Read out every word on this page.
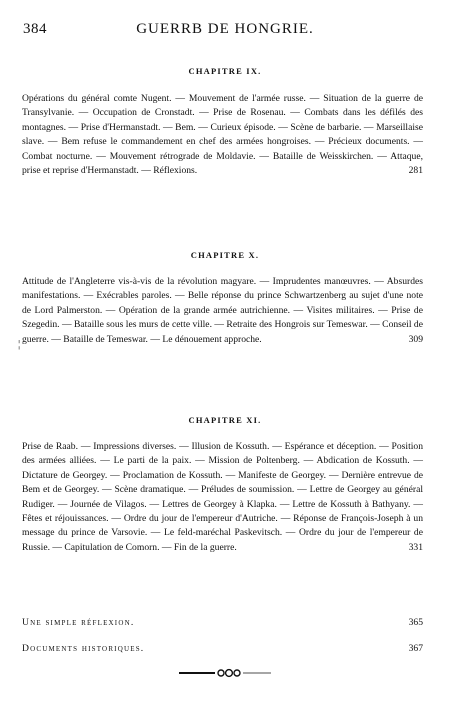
384	GUERRB DE HONGRIE.
CHAPITRE IX.

Opérations du général comte Nugent. — Mouvement de l'armée russe. — Situation de la guerre de Transylvanie. — Occupation de Cronstadt. — Prise de Rosenau. — Combats dans les défilés des montagnes. — Prise d'Hermanstadt. — Bem. — Curieux épisode. — Scène de barbarie. — Marseillaise slave. — Bem refuse le commandement en chef des armées hongroises. — Précieux documents. — Combat nocturne. — Mouvement rétrograde de Moldavie. — Bataille de Weisskirchen. — Attaque, prise et reprise d'Hermanstadt. — Réflexions.	281

CHAPITRE X.

Attitude de l'Angleterre vis-à-vis de la révolution magyare. — Imprudentes manœuvres. — Absurdes manifestations. — Exécrables paroles. — Belle réponse du prince Schwartzenberg au sujet d'une note de Lord Palmerston. — Opération de la grande armée autrichienne. — Visites militaires. — Prise de Szegedin. — Bataille sous les murs de cette ville. — Retraite des Hongrois sur Temeswar. — Conseil de guerre. — Bataille de Temeswar. — Le dénouement approche.	309

¦
CHAPITRE XI.

Prise de Raab. — Impressions diverses. — Illusion de Kossuth. — Espérance et déception. — Position des armées alliées. — Le parti de la paix. — Mission de Poltenberg. — Abdication de Kossuth. — Dictature de Georgey. — Proclamation de Kossuth. — Manifeste de Georgey. — Dernière entrevue de Bem et de Georgey. — Scène dramatique. — Préludes de soumission. — Lettre de Georgey au général Rudiger. — Journée de Vilagos. — Lettres de Georgey à Klapka. — Lettre de Kossuth à Bathyany. — Fêtes et réjouissances. — Ordre du jour de l'empereur d'Autriche. — Réponse de François-Joseph à un message du prince de Varsovie. — Le feld-maréchal Paskevitsch. — Ordre du jour de l'empereur de Russie. — Capitulation de Comorn. — Fin de la guerre.	331

Une simple réflexion.	365
Documents historiques.	367
